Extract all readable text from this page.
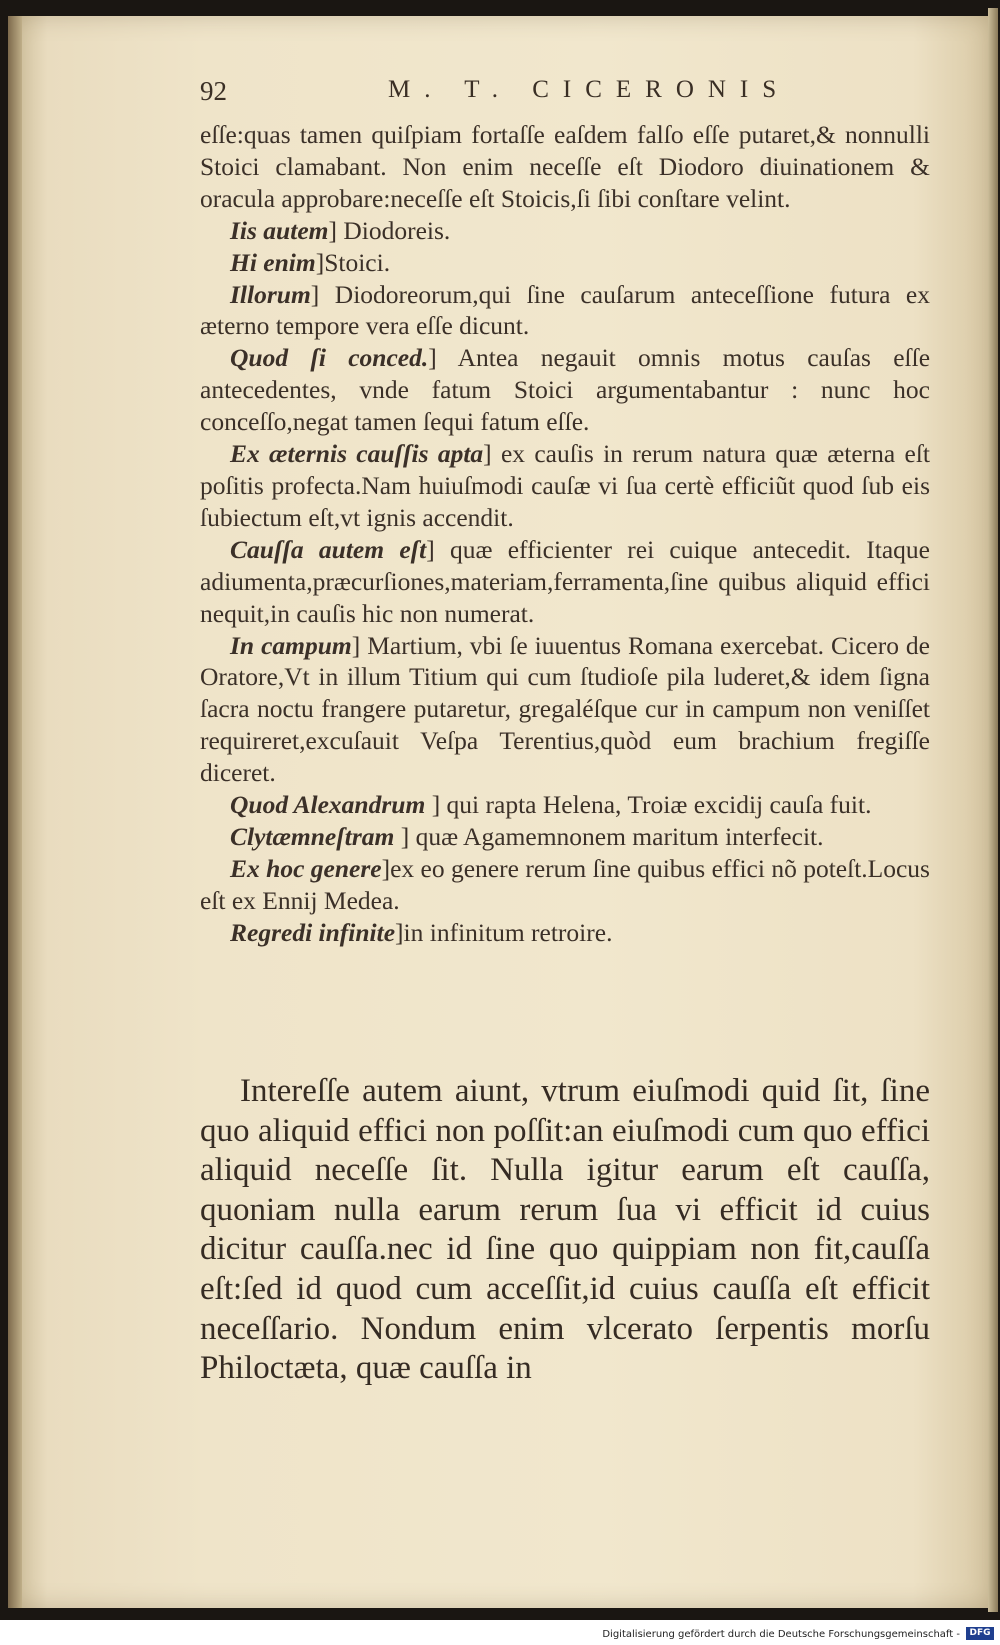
92	M. T. CICERONIS

eſſe:quas tamen quiſpiam fortaſſe eaſdem falſo eſſe putaret,& nonnulli Stoici clamabant. Non enim neceſſe eſt Diodoro diuinationem & oracula approbare:neceſſe eſt Stoicis,ſi ſibi conſtare velint.

Iis autem] Diodoreis.

Hi enim]Stoici.

Illorum] Diodoreorum,qui ſine cauſarum anteceſſione futura ex æterno tempore vera eſſe dicunt.

Quod ſi conced.] Antea negauit omnis motus cauſas eſſe antecedentes, vnde fatum Stoici argumentabantur : nunc hoc conceſſo,negat tamen ſequi fatum eſſe.

Ex æternis cauſſis apta] ex cauſis in rerum natura quæ æterna eſt poſitis profecta.Nam huiuſmodi cauſæ vi ſua certè efficiũt quod ſub eis ſubiectum eſt,vt ignis accendit.

Cauſſa autem eſt] quæ efficienter rei cuique antecedit. Itaque adiumenta,præcurſiones,materiam,ferramenta,ſine quibus aliquid effici nequit,in cauſis hic non numerat.

In campum] Martium, vbi ſe iuuentus Romana exercebat. Cicero de Oratore,Vt in illum Titium qui cum ſtudioſe pila luderet,& idem ſigna ſacra noctu frangere putaretur, gregaléſque cur in campum non veniſſet requireret,excuſauit Veſpa Terentius,quòd eum brachium fregiſſe diceret.

Quod Alexandrum ] qui rapta Helena, Troiæ excidij cauſa fuit.

Clytæmneſtram ] quæ Agamemnonem maritum interfecit.

Ex hoc genere]ex eo genere rerum ſine quibus effici nõ poteſt.Locus eſt ex Ennij Medea.

Regredi infinite]in infinitum retroire.

Intereſſe autem aiunt, vtrum eiuſmodi quid ſit, ſine quo aliquid effici non poſſit:an eiuſmodi cum quo effici aliquid neceſſe ſit. Nulla igitur earum eſt cauſſa, quoniam nulla earum rerum ſua vi efficit id cuius dicitur cauſſa.nec id ſine quo quippiam non fit,cauſſa eſt:ſed id quod cum acceſſit,id cuius cauſſa eſt efficit neceſſario. Nondum enim vlcerato ſerpentis morſu Philoctæta, quæ cauſſa in

Digitalisierung gefördert durch die Deutsche Forschungsgemeinschaft -	DFG
